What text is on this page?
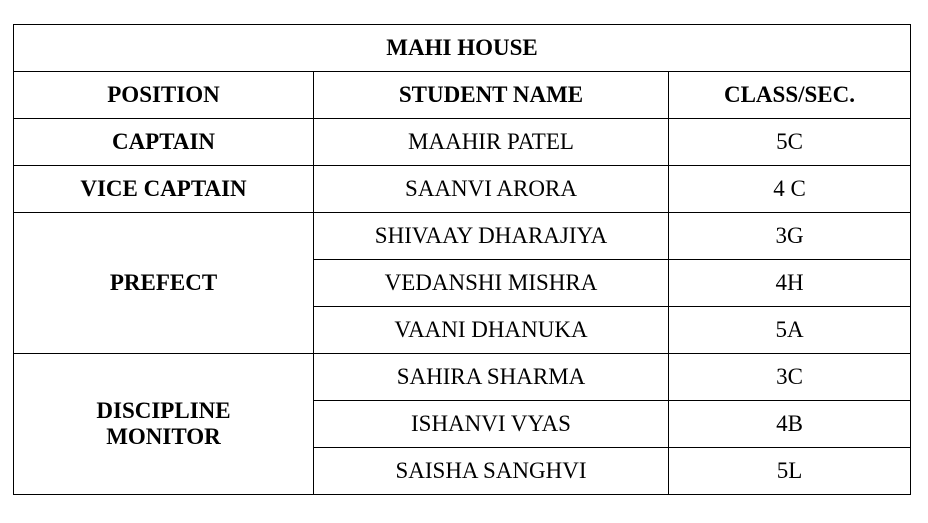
MAHI HOUSE		
POSITION	STUDENT NAME	CLASS/SEC.
CAPTAIN	MAAHIR PATEL	5C
VICE CAPTAIN	SAANVI ARORA	4 C
PREFECT	SHIVAAY DHARAJIYA	3G
	VEDANSHI MISHRA	4H
	VAANI DHANUKA	5A

DISCIPLINE
MONITOR	SAHIRA SHARMA	3C
	ISHANVI VYAS	4B
	SAISHA SANGHVI	5L
